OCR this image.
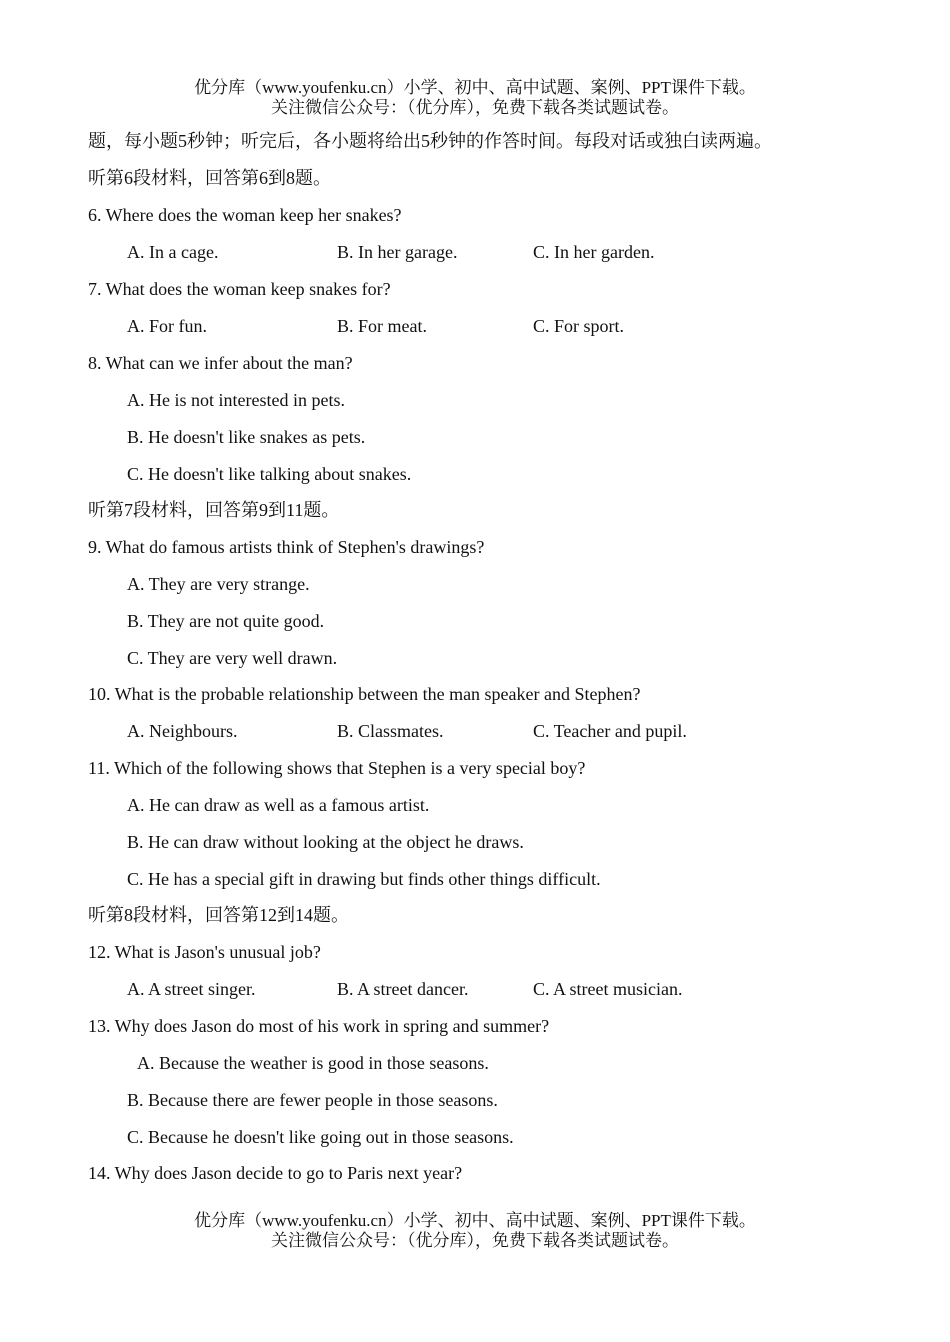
优分库（www.youfenku.cn）小学、初中、高中试题、案例、PPT课件下载。
关注微信公众号：（优分库），免费下载各类试题试卷。
题，每小题5秒钟；听完后，各小题将给出5秒钟的作答时间。每段对话或独白读两遍。
听第6段材料，回答第6到8题。
6. Where does the woman keep her snakes?
A. In a cage.	B. In her garage.	C. In her garden.
7. What does the woman keep snakes for?
A. For fun.	B. For meat.	C. For sport.
8. What can we infer about the man?
A. He is not interested in pets.
B. He doesn't like snakes as pets.
C. He doesn't like talking about snakes.
听第7段材料，回答第9到11题。
9. What do famous artists think of Stephen's drawings?
A. They are very strange.
B. They are not quite good.
C. They are very well drawn.
10. What is the probable relationship between the man speaker and Stephen?
A. Neighbours.	B. Classmates.	C. Teacher and pupil.
11. Which of the following shows that Stephen is a very special boy?
A. He can draw as well as a famous artist.
B. He can draw without looking at the object he draws.
C. He has a special gift in drawing but finds other things difficult.
听第8段材料，回答第12到14题。
12. What is Jason's unusual job?
A. A street singer.	B. A street dancer.	C. A street musician.
13. Why does Jason do most of his work in spring and summer?
A. Because the weather is good in those seasons.
B. Because there are fewer people in those seasons.
C. Because he doesn't like going out in those seasons.
14. Why does Jason decide to go to Paris next year?
优分库（www.youfenku.cn）小学、初中、高中试题、案例、PPT课件下载。
关注微信公众号：（优分库），免费下载各类试题试卷。
